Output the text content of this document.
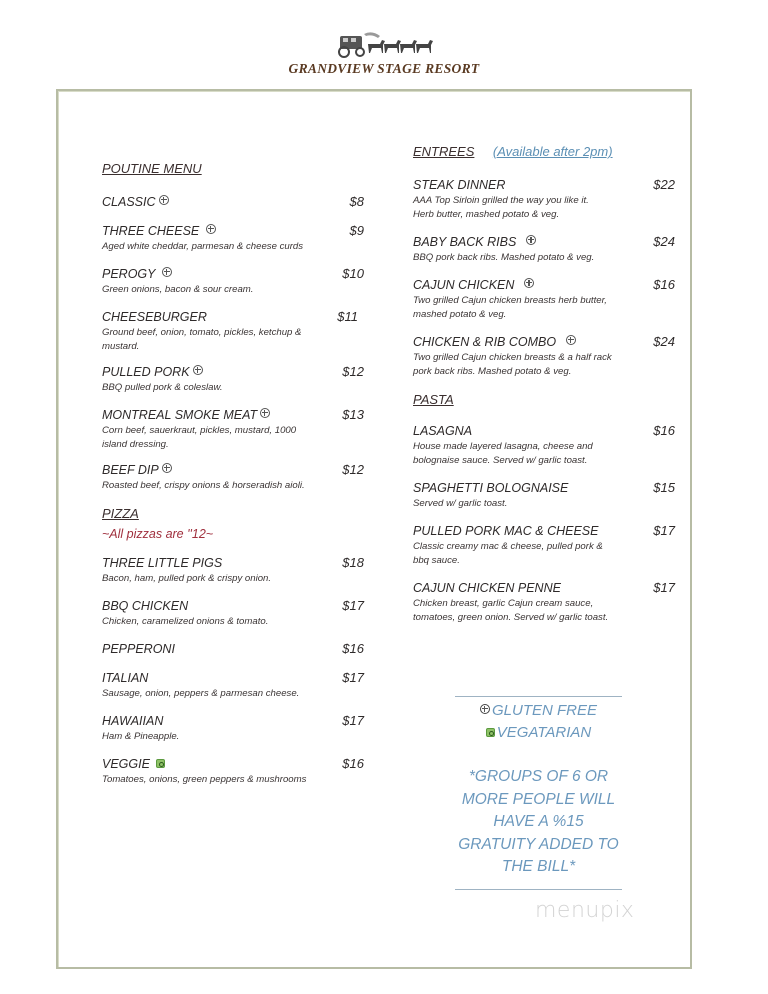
GRANDVIEW STAGE RESORT
POUTINE MENU
CLASSIC	$8
THREE CHEESE	$9
Aged white cheddar, parmesan & cheese curds
PEROGY	$10
Green onions, bacon & sour cream.
CHEESEBURGER	$11
Ground beef, onion, tomato, pickles, ketchup & mustard.
PULLED PORK	$12
BBQ pulled pork & coleslaw.
MONTREAL SMOKE MEAT	$13
Corn beef, sauerkraut, pickles, mustard, 1000 island dressing.
BEEF DIP	$12
Roasted beef, crispy onions & horseradish aioli.
PIZZA
~All pizzas are ''12~
THREE LITTLE PIGS	$18
Bacon, ham, pulled pork & crispy onion.
BBQ CHICKEN	$17
Chicken, caramelized onions & tomato.
PEPPERONI	$16
ITALIAN	$17
Sausage, onion, peppers & parmesan cheese.
HAWAIIAN	$17
Ham & Pineapple.
VEGGIE	$16
Tomatoes, onions, green peppers & mushrooms
ENTREES (Available after 2pm)
STEAK DINNER	$22
AAA Top Sirloin grilled the way you like it. Herb butter, mashed potato & veg.
BABY BACK RIBS	$24
BBQ pork back ribs. Mashed potato & veg.
CAJUN CHICKEN	$16
Two grilled Cajun chicken breasts herb butter, mashed potato & veg.
CHICKEN & RIB COMBO	$24
Two grilled Cajun chicken breasts & a half rack pork back ribs. Mashed potato & veg.
PASTA
LASAGNA	$16
House made layered lasagna, cheese and bolognaise sauce. Served w/ garlic toast.
SPAGHETTI BOLOGNAISE	$15
Served w/ garlic toast.
PULLED PORK MAC & CHEESE	$17
Classic creamy mac & cheese, pulled pork & bbq sauce.
CAJUN CHICKEN PENNE	$17
Chicken breast, garlic Cajun cream sauce, tomatoes, green onion. Served w/ garlic toast.
GLUTEN FREE
VEGATARIAN
*GROUPS OF 6 OR
MORE PEOPLE WILL
HAVE A %15
GRATUITY ADDED TO
THE BILL*
menupix
